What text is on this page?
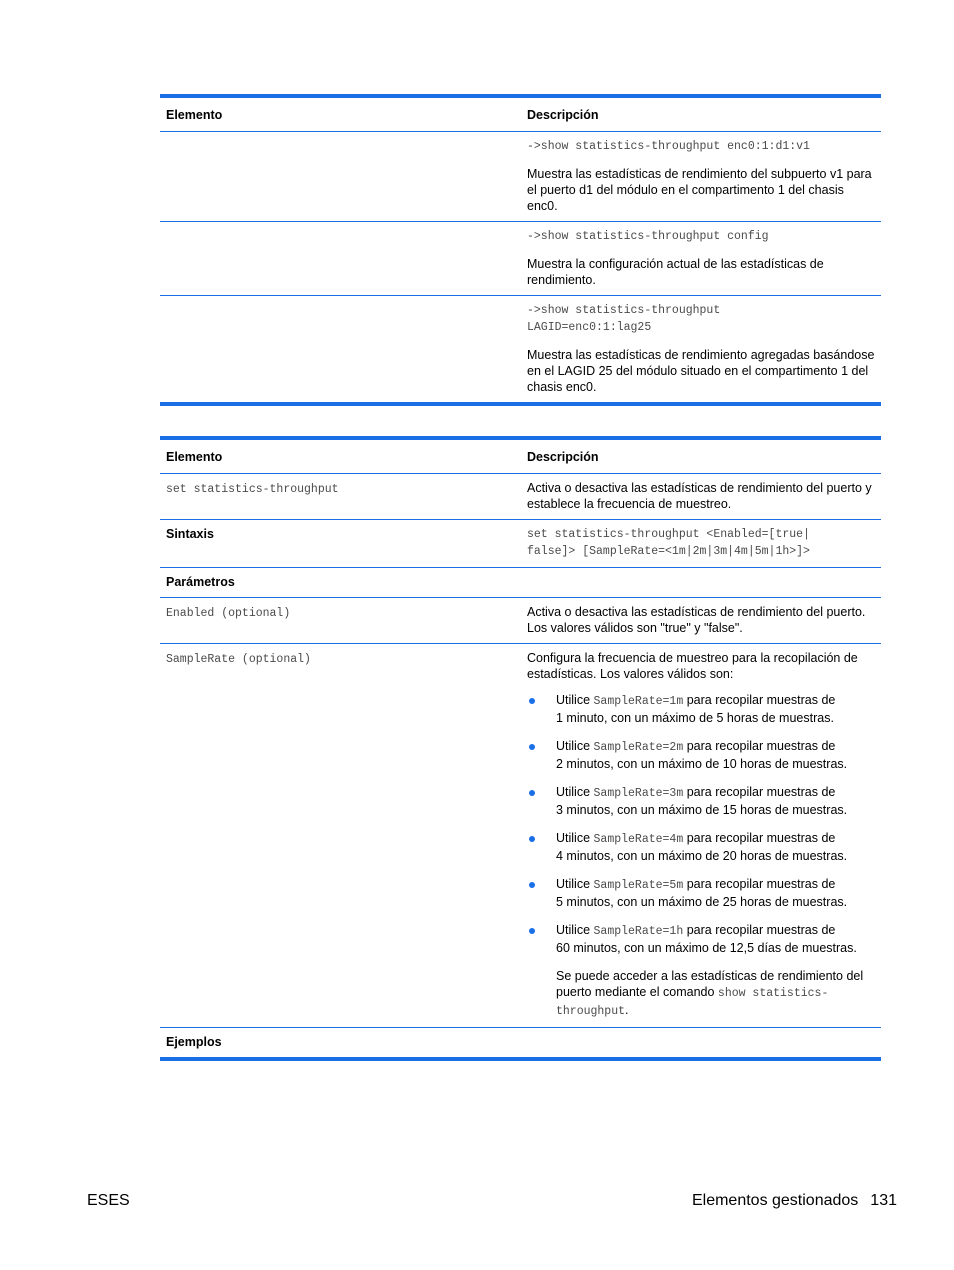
Elemento	Descripción
->show statistics-throughput enc0:1:d1:v1

Muestra las estadísticas de rendimiento del subpuerto v1 para el puerto d1 del módulo en el compartimento 1 del chasis enc0.

->show statistics-throughput config

Muestra la configuración actual de las estadísticas de rendimiento.

->show statistics-throughput
LAGID=enc0:1:lag25

Muestra las estadísticas de rendimiento agregadas basándose en el LAGID 25 del módulo situado en el compartimento 1 del chasis enc0.

Elemento	Descripción
set statistics-throughput	Activa o desactiva las estadísticas de rendimiento del puerto y establece la frecuencia de muestreo.
Sintaxis	set statistics-throughput <Enabled=[true|
false]> [SampleRate=<1m|2m|3m|4m|5m|1h>]>
Parámetros
Enabled (optional)	Activa o desactiva las estadísticas de rendimiento del puerto. Los valores válidos son "true" y "false".
SampleRate (optional)	Configura la frecuencia de muestreo para la recopilación de estadísticas. Los valores válidos son:

Utilice SampleRate=1m para recopilar muestras de
1 minuto, con un máximo de 5 horas de muestras.
Utilice SampleRate=2m para recopilar muestras de
2 minutos, con un máximo de 10 horas de muestras.
Utilice SampleRate=3m para recopilar muestras de
3 minutos, con un máximo de 15 horas de muestras.
Utilice SampleRate=4m para recopilar muestras de
4 minutos, con un máximo de 20 horas de muestras.
Utilice SampleRate=5m para recopilar muestras de
5 minutos, con un máximo de 25 horas de muestras.
Utilice SampleRate=1h para recopilar muestras de
60 minutos, con un máximo de 12,5 días de muestras.

Se puede acceder a las estadísticas de rendimiento del puerto mediante el comando show statistics-
throughput.

Ejemplos
ESES	Elementos gestionados 131
